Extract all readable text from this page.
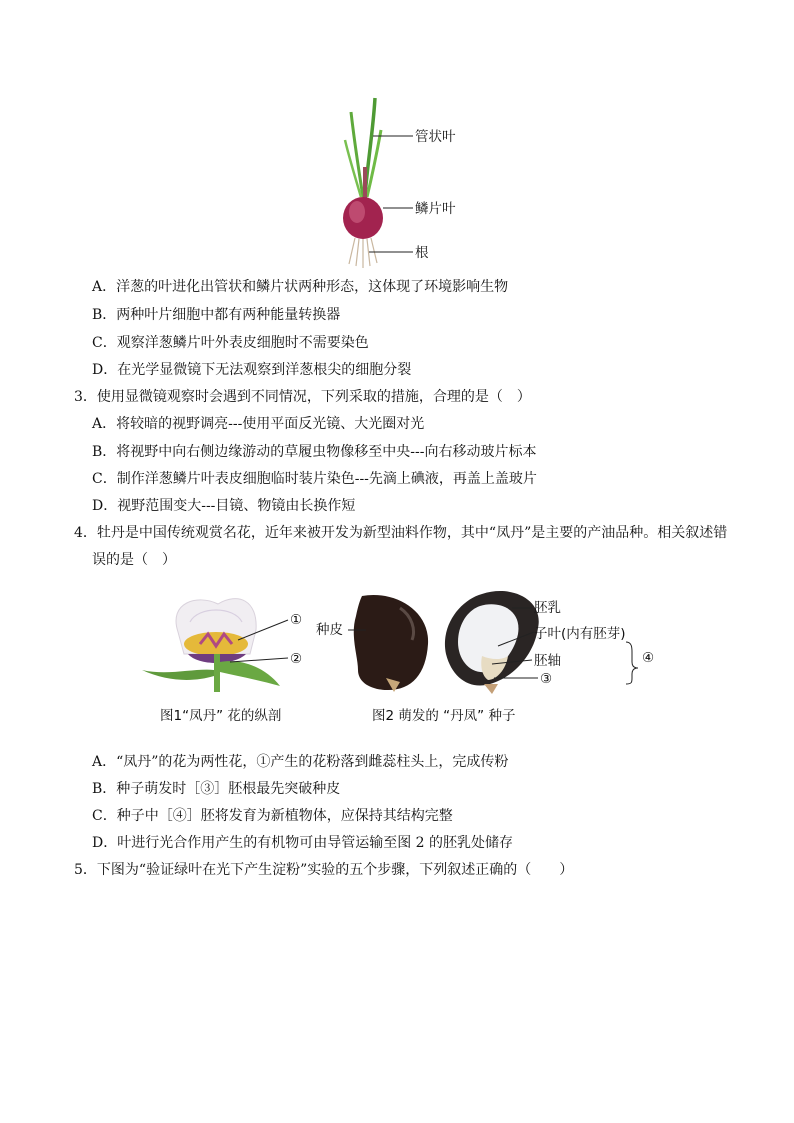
管状叶
鳞片叶
根
A．洋葱的叶进化出管状和鳞片状两种形态，这体现了环境影响生物
B．两种叶片细胞中都有两种能量转换器
C．观察洋葱鳞片叶外表皮细胞时不需要染色
D．在光学显微镜下无法观察到洋葱根尖的细胞分裂
3．使用显微镜观察时会遇到不同情况，下列采取的措施，合理的是（　）
A．将较暗的视野调亮---使用平面反光镜、大光圈对光
B．将视野中向右侧边缘游动的草履虫物像移至中央---向右移动玻片标本
C．制作洋葱鳞片叶表皮细胞临时装片染色---先滴上碘液，再盖上盖玻片
D．视野范围变大---目镜、物镜由长换作短
4．牡丹是中国传统观赏名花，近年来被开发为新型油料作物，其中“凤丹”是主要的产油品种。相关叙述错
误的是（　）
①
②
图1“凤丹” 花的纵剖
种皮
胚乳
子叶(内有胚芽)
胚轴
③
④
图2 萌发的 “丹凤” 种子
A．“凤丹”的花为两性花，①产生的花粉落到雌蕊柱头上，完成传粉
B．种子萌发时［③］胚根最先突破种皮
C．种子中［④］胚将发育为新植物体，应保持其结构完整
D．叶进行光合作用产生的有机物可由导管运输至图 2 的胚乳处储存
5．下图为“验证绿叶在光下产生淀粉”实验的五个步骤，下列叙述正确的（　　）
